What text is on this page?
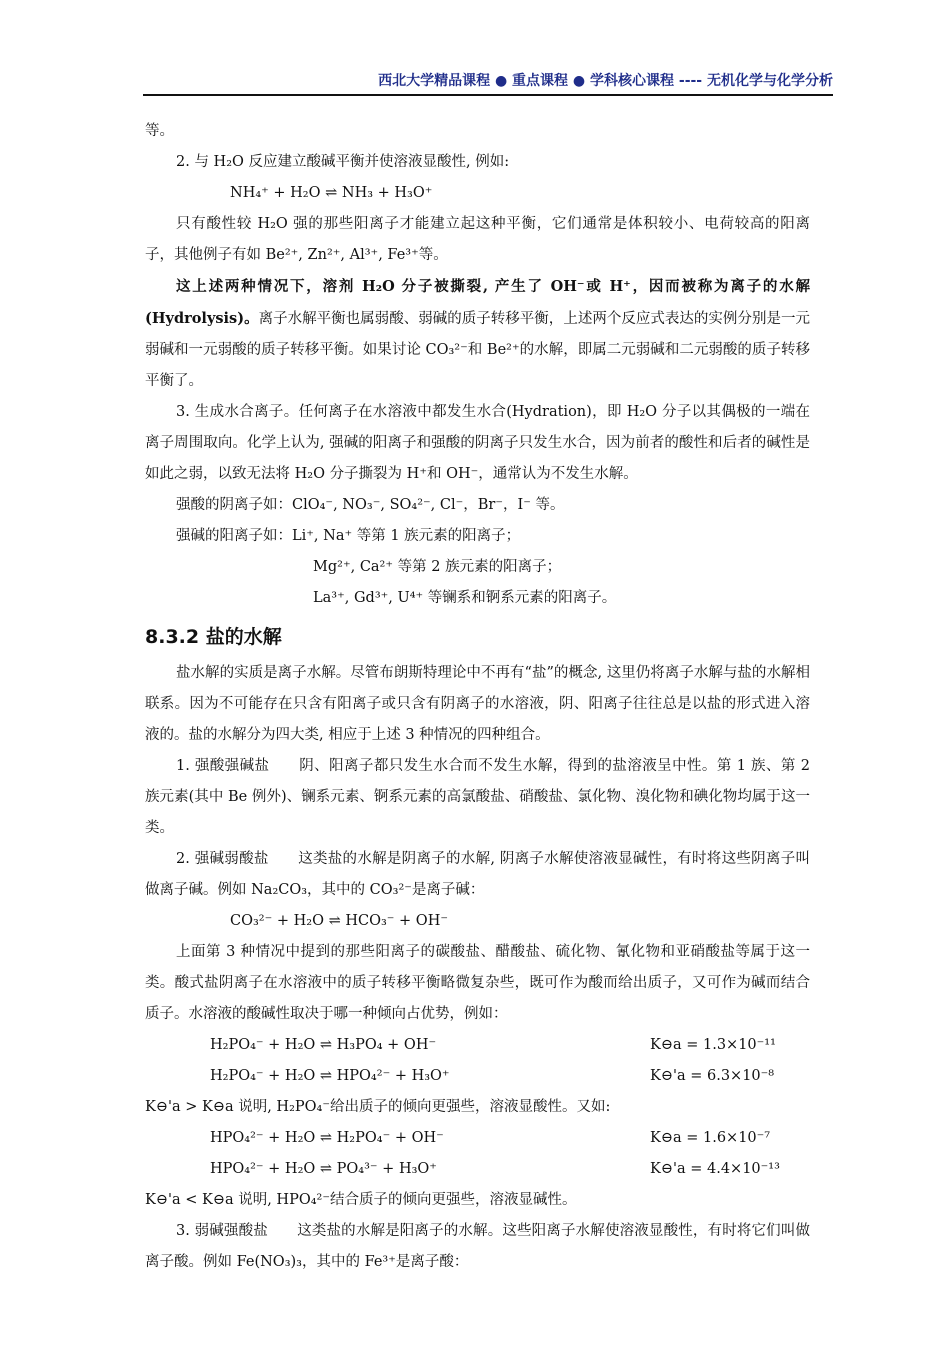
西北大学精品课程 ● 重点课程 ● 学科核心课程 ---- 无机化学与化学分析

等。

2. 与 H₂O 反应建立酸碱平衡并使溶液显酸性, 例如:

NH₄⁺ + H₂O ⇌ NH₃ + H₃O⁺

只有酸性较 H₂O 强的那些阳离子才能建立起这种平衡，它们通常是体积较小、电荷较高的阳离子，其他例子有如 Be²⁺, Zn²⁺, Al³⁺, Fe³⁺等。

这上述两种情况下，溶剂 H₂O 分子被撕裂, 产生了 OH⁻或 H⁺，因而被称为离子的水解(Hydrolysis)。离子水解平衡也属弱酸、弱碱的质子转移平衡，上述两个反应式表达的实例分别是一元弱碱和一元弱酸的质子转移平衡。如果讨论 CO₃²⁻和 Be²⁺的水解，即属二元弱碱和二元弱酸的质子转移平衡了。

3. 生成水合离子。任何离子在水溶液中都发生水合(Hydration)，即 H₂O 分子以其偶极的一端在离子周围取向。化学上认为, 强碱的阳离子和强酸的阴离子只发生水合，因为前者的酸性和后者的碱性是如此之弱，以致无法将 H₂O 分子撕裂为 H⁺和 OH⁻，通常认为不发生水解。

强酸的阴离子如：ClO₄⁻, NO₃⁻, SO₄²⁻, Cl⁻，Br⁻，I⁻ 等。

强碱的阳离子如：Li⁺, Na⁺ 等第 1 族元素的阳离子；

Mg²⁺, Ca²⁺ 等第 2 族元素的阳离子；

La³⁺, Gd³⁺, U⁴⁺ 等镧系和锕系元素的阳离子。

8.3.2 盐的水解

盐水解的实质是离子水解。尽管布朗斯特理论中不再有“盐”的概念, 这里仍将离子水解与盐的水解相联系。因为不可能存在只含有阳离子或只含有阴离子的水溶液，阴、阳离子往往总是以盐的形式进入溶液的。盐的水解分为四大类, 相应于上述 3 种情况的四种组合。

1. 强酸强碱盐　　阴、阳离子都只发生水合而不发生水解，得到的盐溶液呈中性。第 1 族、第 2 族元素(其中 Be 例外)、镧系元素、锕系元素的高氯酸盐、硝酸盐、氯化物、溴化物和碘化物均属于这一类。

2. 强碱弱酸盐　　这类盐的水解是阴离子的水解, 阴离子水解使溶液显碱性，有时将这些阴离子叫做离子碱。例如 Na₂CO₃，其中的 CO₃²⁻是离子碱：

CO₃²⁻ + H₂O ⇌ HCO₃⁻ + OH⁻

上面第 3 种情况中提到的那些阳离子的碳酸盐、醋酸盐、硫化物、氰化物和亚硝酸盐等属于这一类。酸式盐阴离子在水溶液中的质子转移平衡略微复杂些，既可作为酸而给出质子，又可作为碱而结合质子。水溶液的酸碱性取决于哪一种倾向占优势，例如：

H₂PO₄⁻ + H₂O ⇌ H₃PO₄ + OH⁻	K⊖a = 1.3×10⁻¹¹
H₂PO₄⁻ + H₂O ⇌ HPO₄²⁻ + H₃O⁺	K⊖'a = 6.3×10⁻⁸

K⊖'a > K⊖a 说明, H₂PO₄⁻给出质子的倾向更强些，溶液显酸性。又如:

HPO₄²⁻ + H₂O ⇌ H₂PO₄⁻ + OH⁻	K⊖a = 1.6×10⁻⁷
HPO₄²⁻ + H₂O ⇌ PO₄³⁻ + H₃O⁺	K⊖'a = 4.4×10⁻¹³

K⊖'a < K⊖a 说明, HPO₄²⁻结合质子的倾向更强些，溶液显碱性。

3. 弱碱强酸盐　　这类盐的水解是阳离子的水解。这些阳离子水解使溶液显酸性，有时将它们叫做离子酸。例如 Fe(NO₃)₃，其中的 Fe³⁺是离子酸：
